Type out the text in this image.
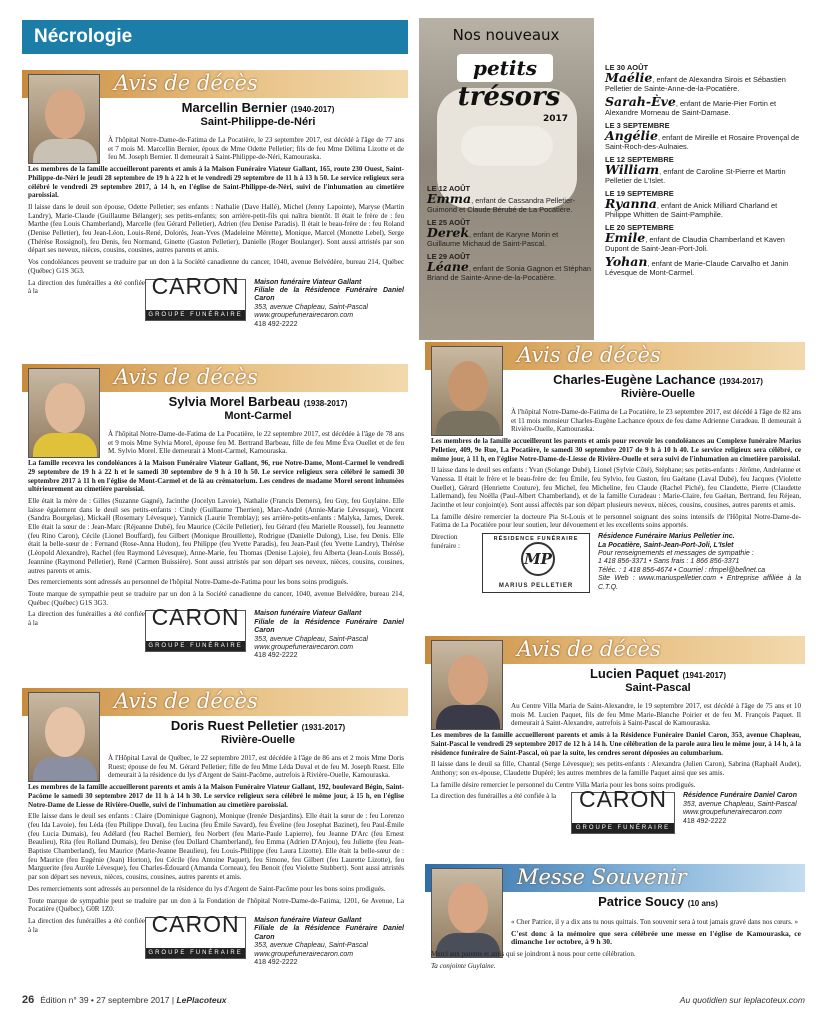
Nécrologie
Avis de décès
Marcellin Bernier (1940-2017)
Saint-Philippe-de-Néri

À l'hôpital Notre-Dame-de-Fatima de La Pocatière, le 23 septembre 2017, est décédé à l'âge de 77 ans et 7 mois M. Marcellin Bernier, époux de Mme Odette Pelletier; fils de feu Mme Délima Lizotte et de feu M. Joseph Bernier. Il demeurait à Saint-Philippe-de-Néri, Kamouraska.

Les membres de la famille accueilleront parents et amis à la Maison Funéraire Viateur Gallant, 165, route 230 Ouest, Saint-Philippe-de-Néri le jeudi 28 septembre de 19 h à 22 h et le vendredi 29 septembre de 11 h à 13 h 50. Le service religieux sera célébré le vendredi 29 septembre 2017, à 14 h, en l'église de Saint-Philippe-de-Néri, suivi de l'inhumation au cimetière paroissial.

Il laisse dans le deuil son épouse, Odette Pelletier; ses enfants : Nathalie (Dave Hallé), Michel (Jenny Lapointe), Maryse (Martin Landry), Marie-Claude (Guillaume Bélanger); ses petits-enfants; son arrière-petit-fils qui naîtra bientôt. Il était le frère de : feu Marthe (feu Louis Chamberland), Marcelle (feu Gérard Pelletier), Adrien (feu Denise Paradis). Il était le beau-frère de : feu Roland (Denise Pelletier), feu Jean-Léon, Louis-René, Dolorès, Jean-Yves (Madeleine Mérette), Monique, Marcel (Monette Lebel), Serge (Thérèse Rossignol), feu Denis, feu Normand, Ginette (Gaston Pelletier), Danielle (Roger Boulanger). Sont aussi attristés par son départ ses neveux, nièces, cousins, cousines, autres parents et amis.

Vos condoléances peuvent se traduire par un don à la Société canadienne du cancer, 1040, avenue Belvédère, bureau 214, Québec (Québec) G1S 3G3.

La direction des funérailles a été confiée à la	CARON
GROUPE FUNÉRAIRE
Maison funéraire Viateur Gallant
Filiale de la Résidence Funéraire Daniel Caron
353, avenue Chapleau, Saint-Pascal
www.groupefunerairecaron.com
418 492-2222
Avis de décès
Sylvia Morel Barbeau (1938-2017)
Mont-Carmel

À l'hôpital Notre-Dame-de-Fatima de La Pocatière, le 22 septembre 2017, est décédée à l'âge de 78 ans et 9 mois Mme Sylvia Morel, épouse feu M. Bertrand Barbeau, fille de feu Mme Éva Ouellet et de feu M. Sylvio Morel. Elle demeurait à Mont-Carmel, Kamouraska.

La famille recevra les condoléances à la Maison Funéraire Viateur Gallant, 96, rue Notre-Dame, Mont-Carmel le vendredi 29 septembre de 19 h à 22 h et le samedi 30 septembre de 9 h à 10 h 50. Le service religieux sera célébré le samedi 30 septembre 2017 à 11 h en l'église de Mont-Carmel et de là au crématorium. Les cendres de madame Morel seront inhumées ultérieurement au cimetière paroissial.

Elle était la mère de : Gilles (Suzanne Gagné), Jacinthe (Jocelyn Lavoie), Nathalie (Francis Demers), feu Guy, feu Guylaine. Elle laisse également dans le deuil ses petits-enfants : Cindy (Guillaume Therrien), Marc-André (Annie-Marie Lévesque), Vincent (Sandra Bourgelas), Mickaël (Rosemary Lévesque), Yannick (Laurie Tremblay); ses arrière-petits-enfants : Malyka, James, Derek. Elle était la sœur de : Jean-Marc (Réjeanne Dubé), feu Maurice (Cécile Pelletier), feu Gérard (feu Marielle Roussel), feu Jeannette (feu Rino Caron), Cécile (Lionel Bouffard), feu Gilbert (Monique Brouillette), Rodrigue (Danielle Dulong), Lise, feu Denis. Elle était la belle-sœur de : Fernand (Rose-Anna Hudon), feu Philippe (feu Yvette Paradis), feu Jean-Paul (feu Yvette Landry), Thérèse (Léopold Alexandre), Rachel (feu Raymond Lévesque), Anne-Marie, feu Thomas (Denise Lajoie), feu Alberta (Jean-Louis Bossé), Jeannine (Raymond Pelletier), René (Carmen Buissière). Sont aussi attristés par son départ ses neveux, nièces, cousins, cousines, autres parents et amis.

Des remerciements sont adressés au personnel de l'hôpital Notre-Dame-de-Fatima pour les bons soins prodigués.

Toute marque de sympathie peut se traduire par un don à la Société canadienne du cancer, 1040, avenue Belvédère, bureau 214, Québec (Québec) G1S 3G3.

La direction des funérailles a été confiée à la	CARON
GROUPE FUNÉRAIRE
Maison funéraire Viateur Gallant
Filiale de la Résidence Funéraire Daniel Caron
353, avenue Chapleau, Saint-Pascal
www.groupefunerairecaron.com
418 492-2222
Avis de décès
Doris Ruest Pelletier (1931-2017)
Rivière-Ouelle

À l'Hôpital Laval de Québec, le 22 septembre 2017, est décédée à l'âge de 86 ans et 2 mois Mme Doris Ruest; épouse de feu M. Gérard Pelletier; fille de feu Mme Léda Duval et de feu M. Joseph Ruest. Elle demeurait à la résidence du lys d'Argent de Saint-Pacôme, autrefois à Rivière-Ouelle, Kamouraska.

Les membres de la famille accueilleront parents et amis à la Maison Funéraire Viateur Gallant, 192, boulevard Bégin, Saint-Pacôme le samedi 30 septembre 2017 de 11 h à 14 h 30. Le service religieux sera célébré le même jour, à 15 h, en l'église Notre-Dame de Liesse de Rivière-Ouelle, suivi de l'inhumation au cimetière paroissial.

Elle laisse dans le deuil ses enfants : Claire (Dominique Gagnon), Monique (Irenée Desjardins). Elle était la sœur de : feu Lorenzo (feu Ida Lavoie), feu Léda (feu Philippe Duval), feu Lucina (feu Émile Savard), feu Éveline (feu Josephat Bazinet), feu Paul-Émile (feu Lucia Dumais), feu Adélard (feu Rachel Bernier), feu Norbert (feu Marie-Paule Lapierre), feu Jeanne D'Arc (feu Ernest Beaulieu), Rita (feu Rolland Dumais), feu Denise (feu Dollard Chamberland), feu Emma (Adrien D'Anjou), feu Juliette (feu Jean-Baptiste Chamberland), feu Maurice (Marie-Jeanne Beaulieu), feu Louis-Philippe (feu Laura Lizotte). Elle était la belle-sœur de : feu Maurice (feu Eugénie (Jean) Horton), feu Cécile (feu Antoine Paquet), feu Simone, feu Gilbert (feu Laurette Lizotte), feu Marguerite (feu Aurèle Lévesque), feu Charles-Édouard (Amanda Corneau), feu Benoit (feu Violette Stubbert). Sont aussi attristés par son départ ses neveux, nièces, cousins, cousines, autres parents et amis.

Des remerciements sont adressés au personnel de la résidence du lys d'Argent de Saint-Pacôme pour les bons soins prodigués.

Toute marque de sympathie peut se traduire par un don à la Fondation de l'hôpital Notre-Dame-de-Fatima, 1201, 6e Avenue, La Pocatière (Québec), G0R 1Z0.

La direction des funérailles a été confiée à la	CARON
GROUPE FUNÉRAIRE
Maison funéraire Viateur Gallant
Filiale de la Résidence Funéraire Daniel Caron
353, avenue Chapleau, Saint-Pascal
www.groupefunerairecaron.com
418 492-2222
Nos nouveaux
petits
trésors
2017
LE 12 AOÛT
Emma, enfant de Cassandra Pelletier-Guimond et Claude Bérubé de La Pocatière.
LE 25 AOÛT
Derek, enfant de Karyne Morin et Guillaume Michaud de Saint-Pascal.
LE 29 AOÛT
Léane, enfant de Sonia Gagnon et Stéphan Briand de Sainte-Anne-de-la-Pocatière.
LE 30 AOÛT
Maélie, enfant de Alexandra Sirois et Sébastien Pelletier de Sainte-Anne-de-la-Pocatière.
Sarah-Ève, enfant de Marie-Pier Fortin et Alexandre Morneau de Saint-Damase.
LE 3 SEPTEMBRE
Angélie, enfant de Mireille et Rosaire Provençal de Saint-Roch-des-Aulnaies.
LE 12 SEPTEMBRE
William, enfant de Caroline St-Pierre et Martin Pelletier de L'Islet.
LE 19 SEPTEMBRE
Ryanna, enfant de Anick Milliard Charland et Philippe Whitten de Saint-Pamphile.
LE 20 SEPTEMBRE
Emile, enfant de Claudia Chamberland et Kaven Dupont de Saint-Jean-Port-Joli.
Yohan, enfant de Marie-Claude Carvalho et Janin Lévesque de Mont-Carmel.
Avis de décès
Charles-Eugène Lachance (1934-2017)
Rivière-Ouelle

À l'hôpital Notre-Dame-de-Fatima de La Pocatière, le 23 septembre 2017, est décédé à l'âge de 82 ans et 11 mois monsieur Charles-Eugène Lachance époux de feu dame Adrienne Curadeau. Il demeurait à Rivière-Ouelle, Kamouraska.

Les membres de la famille accueilleront les parents et amis pour recevoir les condoléances au Complexe funéraire Marius Pelletier, 409, 9e Rue, La Pocatière, le samedi 30 septembre 2017 de 9 h à 10 h 40. Le service religieux sera célébré, ce même jour, à 11 h, en l'église Notre-Dame-de-Liesse de Rivière-Ouelle et sera suivi de l'inhumation au cimetière paroissial.

Il laisse dans le deuil ses enfants : Yvan (Solange Dubé), Lionel (Sylvie Côté), Stéphane; ses petits-enfants : Jérôme, Andréanne et Vanessa. Il était le frère et le beau-frère de: feu Émile, feu Sylvio, feu Gaston, feu Gaétane (Laval Dubé), feu Jacques (Violette Ouellet), Gérard (Henriette Couture), feu Michel, feu Micheline, feu Claude (Rachel Piché), feu Claudette, Pierre (Claudette Lallemand), feu Noëlla (Paul-Albert Chamberland), et de la famille Curadeau : Marie-Claire, feu Gaétan, Bertrand, feu Réjean, Jacinthe et leur conjoint(e). Sont aussi affectés par son départ plusieurs neveux, nièces, cousins, cousines, autres parents et amis.

La famille désire remercier la docteure Pia St-Louis et le personnel soignant des soins intensifs de l'Hôpital Notre-Dame-de-Fatima de La Pocatière pour leur soutien, leur dévouement et les excellents soins apportés.

Direction funéraire :
RÉSIDENCE FUNÉRAIRE
MP
MARIUS PELLETIER
Résidence Funéraire Marius Pelletier inc.
La Pocatière, Saint-Jean-Port-Joli, L'Islet
Pour renseignements et messages de sympathie :
1 418 856-3371 • Sans frais : 1 866 856-3371
Téléc. : 1 418 856-4674 • Courriel : rfmpel@bellnet.ca
Site Web : www.mariuspelletier.com • Entreprise affiliée à la C.T.Q.
Avis de décès
Lucien Paquet (1941-2017)
Saint-Pascal

Au Centre Villa Maria de Saint-Alexandre, le 19 septembre 2017, est décédé à l'âge de 75 ans et 10 mois M. Lucien Paquet, fils de feu Mme Marie-Blanche Poirier et de feu M. François Paquet. Il demeurait à Saint-Alexandre, autrefois à Saint-Pascal de Kamouraska.

Les membres de la famille accueilleront parents et amis à la Résidence Funéraire Daniel Caron, 353, avenue Chapleau, Saint-Pascal le vendredi 29 septembre 2017 de 12 h à 14 h. Une célébration de la parole aura lieu le même jour, à 14 h, à la résidence funéraire de Saint-Pascal, où par la suite, les cendres seront déposées au columbarium.

Il laisse dans le deuil sa fille, Chantal (Serge Lévesque); ses petits-enfants : Alexandra (Julien Caron), Sabrina (Raphaël Audet), Anthony; son ex-épouse, Claudette Dupéré; les autres membres de la famille Paquet ainsi que ses amis.

La famille désire remercier le personnel du Centre Villa Maria pour les bons soins prodigués.

La direction des funérailles a été confiée à la CARON
GROUPE FUNÉRAIRE
Résidence Funéraire Daniel Caron
353, avenue Chapleau, Saint-Pascal
www.groupefunerairecaron.com
418 492-2222
Messe Souvenir
Patrice Soucy (10 ans)

« Cher Patrice, il y a dix ans tu nous quittais. Ton souvenir sera à tout jamais gravé dans nos cœurs. »

C'est donc à la mémoire que sera célébrée une messe en l'église de Kamouraska, ce dimanche 1er octobre, à 9 h 30.

Merci aux parents et amis qui se joindront à nous pour cette célébration.

Ta conjointe Guylaine.

26 Édition n° 39 • 27 septembre 2017 | LePlacoteux	Au quotidien sur leplacoteux.com
